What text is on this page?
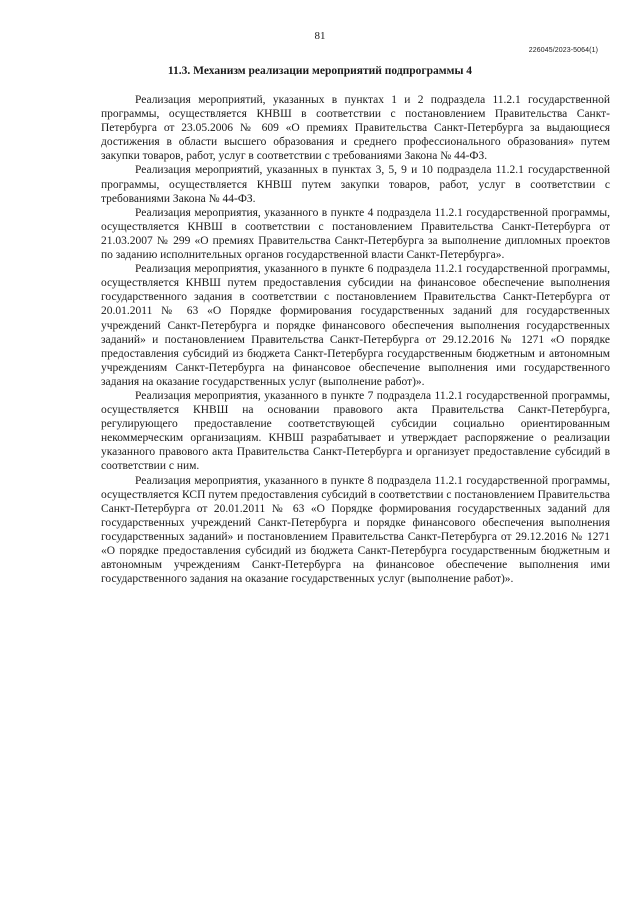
81
226045/2023-5064(1)
11.3. Механизм реализации мероприятий подпрограммы 4

Реализация мероприятий, указанных в пунктах 1 и 2 подраздела 11.2.1 государственной программы, осуществляется КНВШ в соответствии с постановлением Правительства Санкт-Петербурга от 23.05.2006 № 609 «О премиях Правительства Санкт-Петербурга за выдающиеся достижения в области высшего образования и среднего профессионального образования» путем закупки товаров, работ, услуг в соответствии с требованиями Закона № 44-ФЗ.

Реализация мероприятий, указанных в пунктах 3, 5, 9 и 10 подраздела 11.2.1 государственной программы, осуществляется КНВШ путем закупки товаров, работ, услуг в соответствии с требованиями Закона № 44-ФЗ.

Реализация мероприятия, указанного в пункте 4 подраздела 11.2.1 государственной программы, осуществляется КНВШ в соответствии с постановлением Правительства Санкт-Петербурга от 21.03.2007 № 299 «О премиях Правительства Санкт-Петербурга за выполнение дипломных проектов по заданию исполнительных органов государственной власти Санкт-Петербурга».

Реализация мероприятия, указанного в пункте 6 подраздела 11.2.1 государственной программы, осуществляется КНВШ путем предоставления субсидии на финансовое обеспечение выполнения государственного задания в соответствии с постановлением Правительства Санкт-Петербурга от 20.01.2011 № 63 «О Порядке формирования государственных заданий для государственных учреждений Санкт-Петербурга и порядке финансового обеспечения выполнения государственных заданий» и постановлением Правительства Санкт-Петербурга от 29.12.2016 № 1271 «О порядке предоставления субсидий из бюджета Санкт-Петербурга государственным бюджетным и автономным учреждениям Санкт-Петербурга на финансовое обеспечение выполнения ими государственного задания на оказание государственных услуг (выполнение работ)».

Реализация мероприятия, указанного в пункте 7 подраздела 11.2.1 государственной программы, осуществляется КНВШ на основании правового акта Правительства Санкт-Петербурга, регулирующего предоставление соответствующей субсидии социально ориентированным некоммерческим организациям. КНВШ разрабатывает и утверждает распоряжение о реализации указанного правового акта Правительства Санкт-Петербурга и организует предоставление субсидий в соответствии с ним.

Реализация мероприятия, указанного в пункте 8 подраздела 11.2.1 государственной программы, осуществляется КСП путем предоставления субсидий в соответствии с постановлением Правительства Санкт-Петербурга от 20.01.2011 № 63 «О Порядке формирования государственных заданий для государственных учреждений Санкт-Петербурга и порядке финансового обеспечения выполнения государственных заданий» и постановлением Правительства Санкт-Петербурга от 29.12.2016 № 1271 «О порядке предоставления субсидий из бюджета Санкт-Петербурга государственным бюджетным и автономным учреждениям Санкт-Петербурга на финансовое обеспечение выполнения ими государственного задания на оказание государственных услуг (выполнение работ)».
